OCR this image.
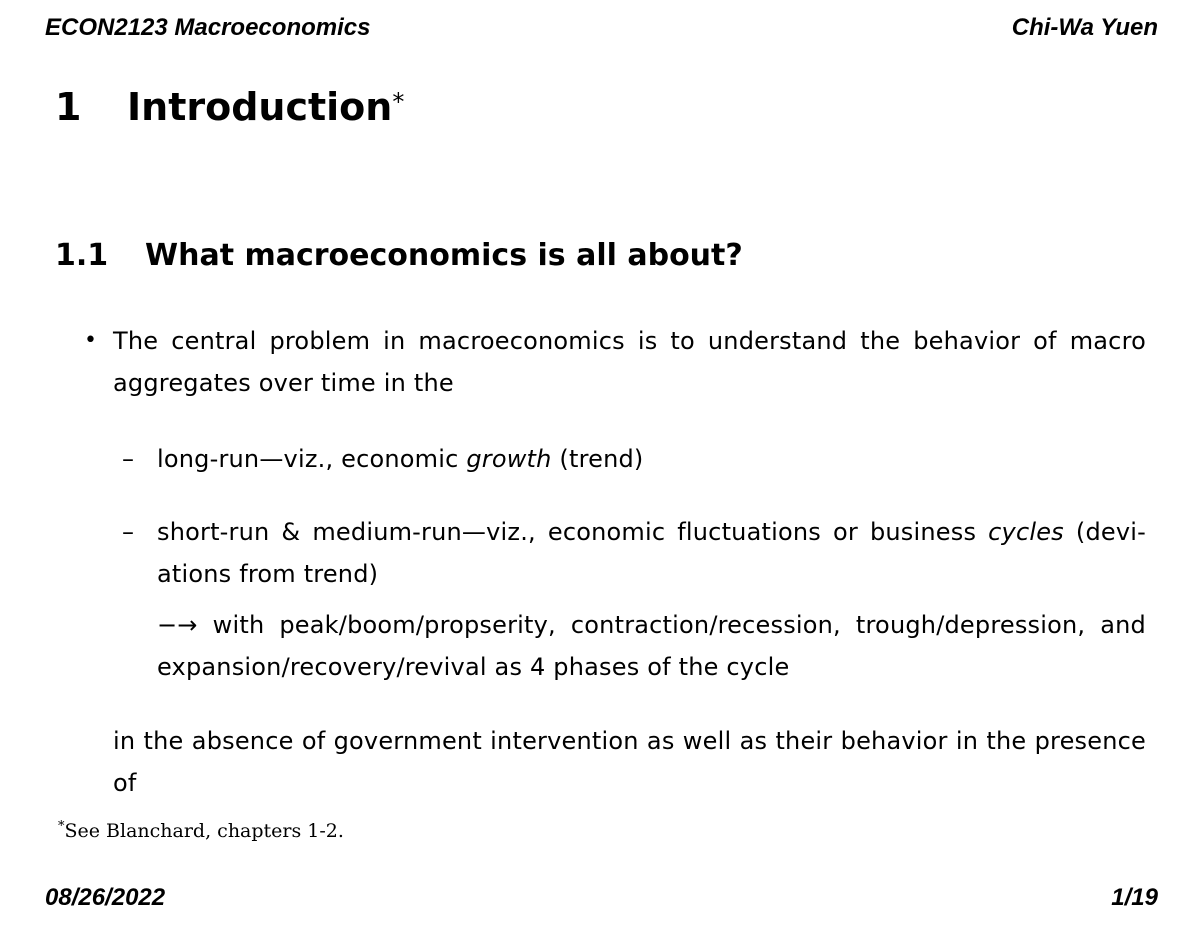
ECON2123 Macroeconomics	Chi-Wa Yuen
1 Introduction*
1.1 What macroeconomics is all about?
• The central problem in macroeconomics is to understand the behavior of macro aggregates over time in the
– long-run—viz., economic growth (trend)
– short-run & medium-run—viz., economic fluctuations or business cycles (devi-ations from trend)
−→ with peak/boom/propserity, contraction/recession, trough/depression, and expansion/recovery/revival as 4 phases of the cycle
in the absence of government intervention as well as their behavior in the presence of
*See Blanchard, chapters 1-2.
08/26/2022	1/19
